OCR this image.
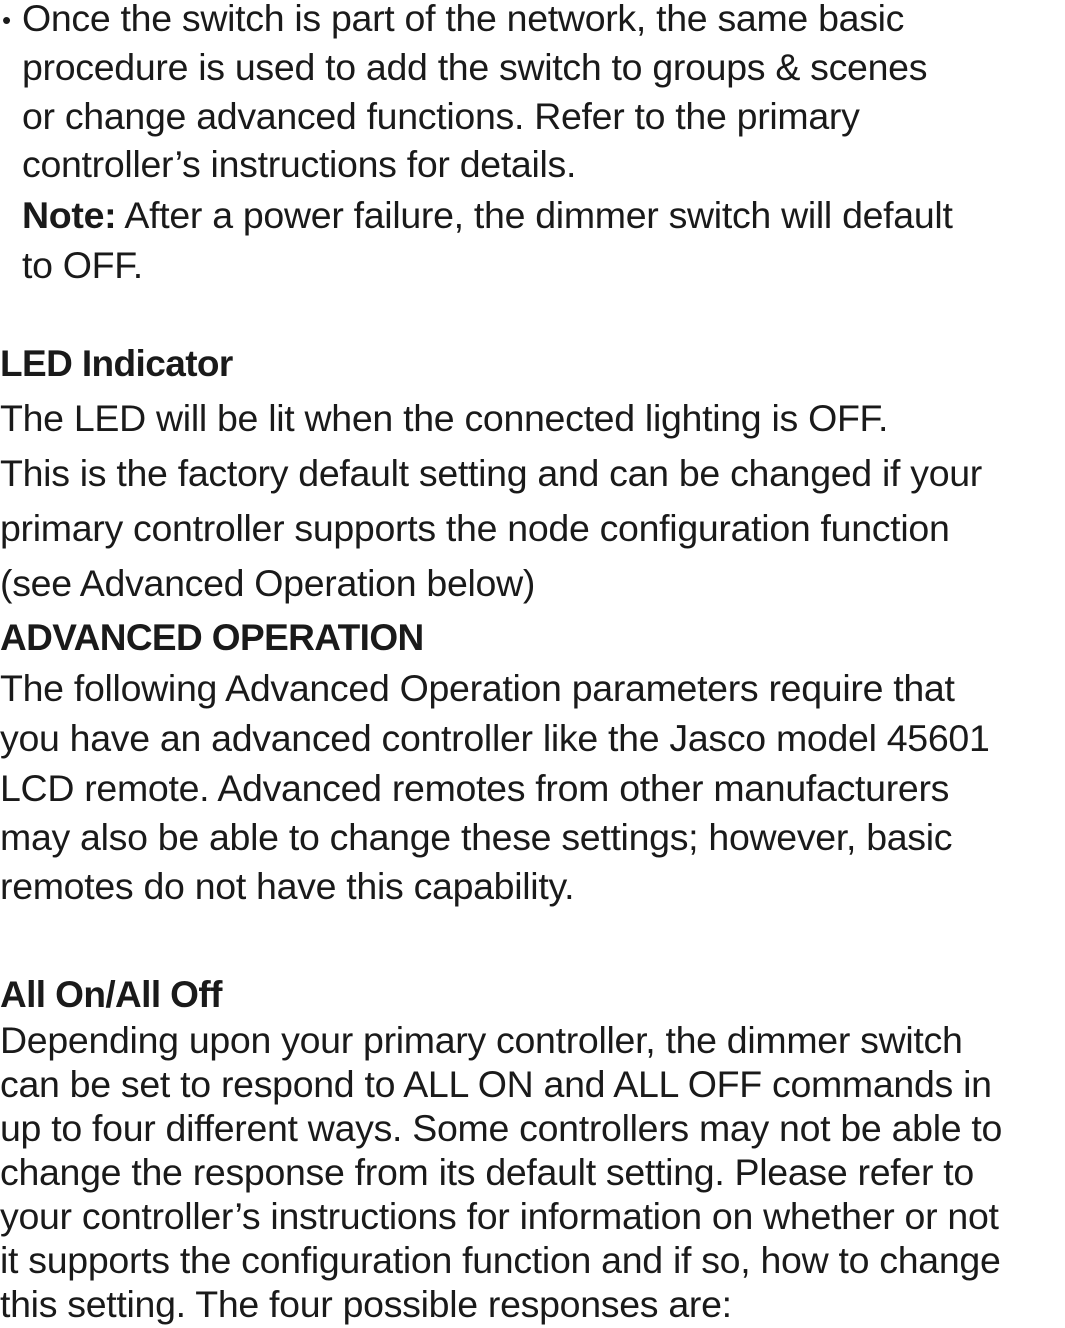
• Once the switch is part of the network, the same basic
procedure is used to add the switch to groups & scenes
or change advanced functions. Refer to the primary
controller’s instructions for details.
Note: After a power failure, the dimmer switch will default
to OFF.
LED Indicator
The LED will be lit when the connected lighting is OFF.
This is the factory default setting and can be changed if your
primary controller supports the node configuration function
(see Advanced Operation below)
ADVANCED OPERATION
The following Advanced Operation parameters require that
you have an advanced controller like the Jasco model 45601
LCD remote. Advanced remotes from other manufacturers
may also be able to change these settings; however, basic
remotes do not have this capability.
All On/All Off
Depending upon your primary controller, the dimmer switch
can be set to respond to ALL ON and ALL OFF commands in
up to four different ways. Some controllers may not be able to
change the response from its default setting. Please refer to
your controller’s instructions for information on whether or not
it supports the configuration function and if so, how to change
this setting. The four possible responses are:
